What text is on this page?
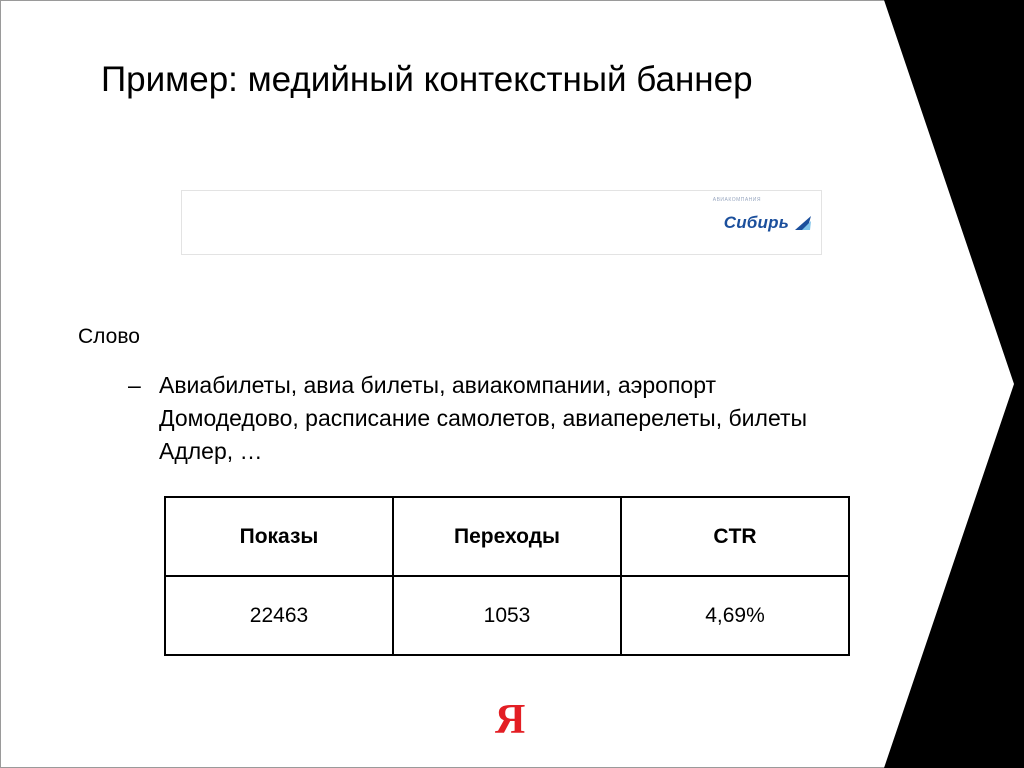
Пример: медийный контекстный баннер
АВИАКОМПАНИЯ
Сибирь
Слово
– Авиабилеты, авиа билеты, авиакомпании, аэропорт Домодедово, расписание самолетов, авиаперелеты, билеты Адлер, …
Показы	Переходы	CTR
22463	1053	4,69%
Я
